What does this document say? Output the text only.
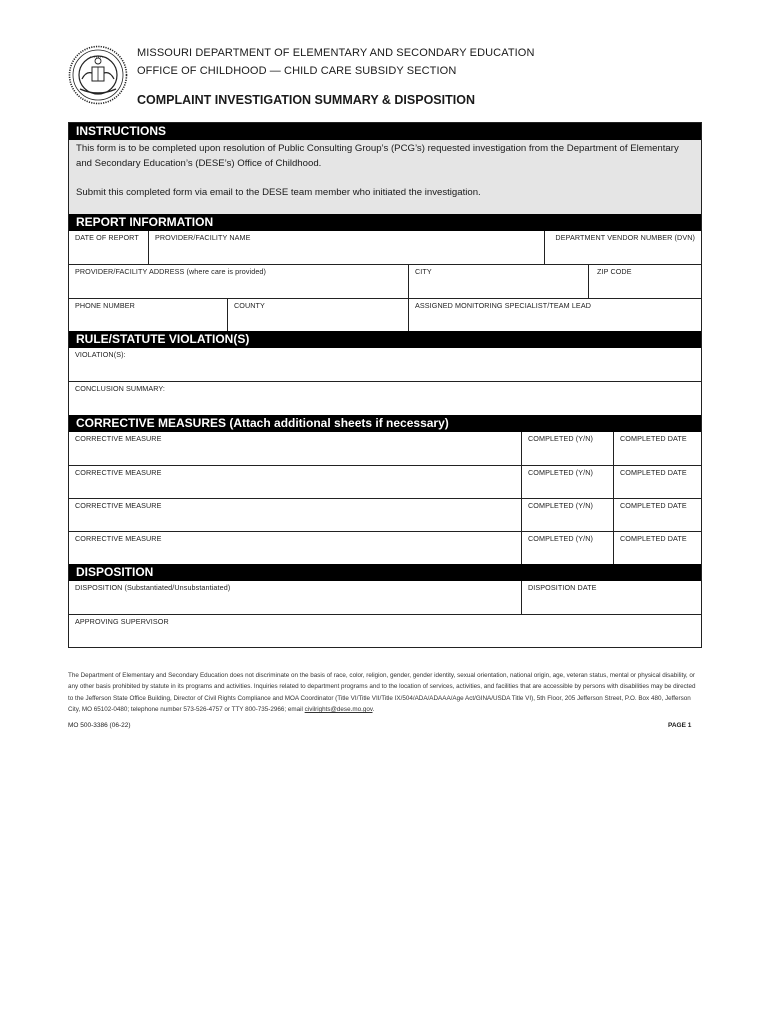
MISSOURI DEPARTMENT OF ELEMENTARY AND SECONDARY EDUCATION
OFFICE OF CHILDHOOD — CHILD CARE SUBSIDY SECTION
COMPLAINT INVESTIGATION SUMMARY & DISPOSITION
INSTRUCTIONS

This form is to be completed upon resolution of Public Consulting Group’s (PCG’s) requested investigation from the Department of Elementary and Secondary Education’s (DESE’s) Office of Childhood.

Submit this completed form via email to the DESE team member who initiated the investigation.

REPORT INFORMATION
DATE OF REPORT	PROVIDER/FACILITY NAME	DEPARTMENT VENDOR NUMBER (DVN)
PROVIDER/FACILITY ADDRESS (where care is provided)	CITY	ZIP CODE
PHONE NUMBER	COUNTY	ASSIGNED MONITORING SPECIALIST/TEAM LEAD
RULE/STATUTE VIOLATION(S)
VIOLATION(S):
CONCLUSION SUMMARY:
CORRECTIVE MEASURES (Attach additional sheets if necessary)
CORRECTIVE MEASURE	COMPLETED (Y/N)	COMPLETED DATE
CORRECTIVE MEASURE	COMPLETED (Y/N)	COMPLETED DATE
CORRECTIVE MEASURE	COMPLETED (Y/N)	COMPLETED DATE
CORRECTIVE MEASURE	COMPLETED (Y/N)	COMPLETED DATE
DISPOSITION
DISPOSITION (Substantiated/Unsubstantiated)	DISPOSITION DATE
APPROVING SUPERVISOR
The Department of Elementary and Secondary Education does not discriminate on the basis of race, color, religion, gender, gender identity, sexual orientation, national origin, age, veteran status, mental or physical disability, or any other basis prohibited by statute in its programs and activities. Inquiries related to department programs and to the location of services, activities, and facilities that are accessible by persons with disabilities may be directed to the Jefferson State Office Building, Director of Civil Rights Compliance and MOA Coordinator (Title VI/Title VII/Title IX/504/ADA/ADAAA/Age Act/GINA/USDA Title VI), 5th Floor, 205 Jefferson Street, P.O. Box 480, Jefferson City, MO 65102-0480; telephone number 573-526-4757 or TTY 800-735-2966; email civilrights@dese.mo.gov.
MO 500-3386 (06-22)	PAGE 1
